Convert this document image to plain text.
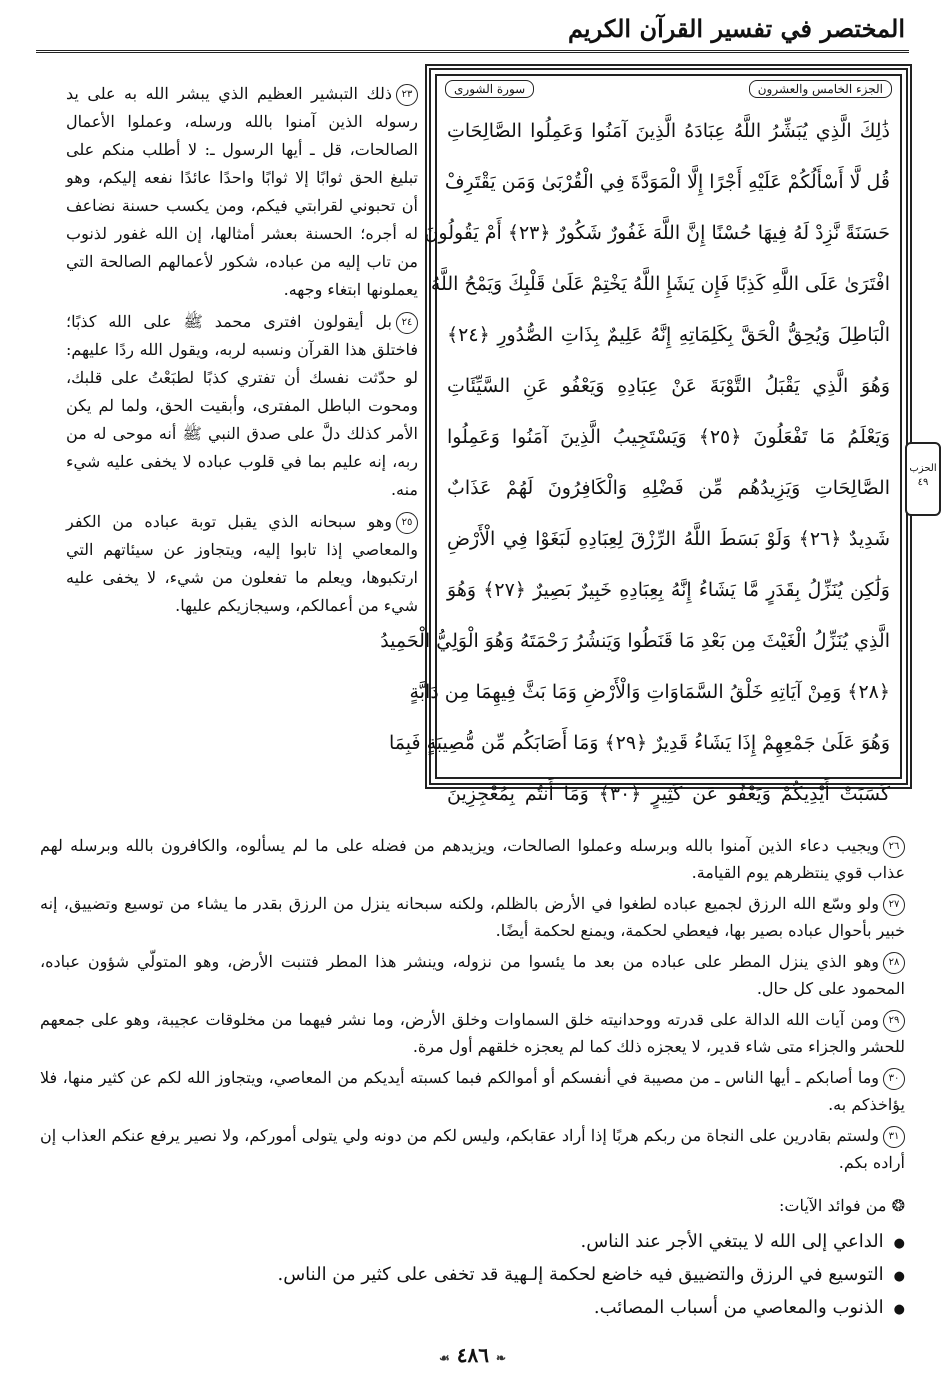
المختصر في تفسير القرآن الكريم
الجزء الخامس والعشرون
سورة الشورى
ذَٰلِكَ الَّذِي يُبَشِّرُ اللَّهُ عِبَادَهُ الَّذِينَ آمَنُوا وَعَمِلُوا الصَّالِحَاتِ
قُل لَّا أَسْأَلُكُمْ عَلَيْهِ أَجْرًا إِلَّا الْمَوَدَّةَ فِي الْقُرْبَىٰ وَمَن يَقْتَرِفْ
حَسَنَةً نَّزِدْ لَهُ فِيهَا حُسْنًا إِنَّ اللَّهَ غَفُورٌ شَكُورٌ ﴿٢٣﴾ أَمْ يَقُولُونَ
افْتَرَىٰ عَلَى اللَّهِ كَذِبًا فَإِن يَشَإِ اللَّهُ يَخْتِمْ عَلَىٰ قَلْبِكَ وَيَمْحُ اللَّهُ
الْبَاطِلَ وَيُحِقُّ الْحَقَّ بِكَلِمَاتِهِ إِنَّهُ عَلِيمٌ بِذَاتِ الصُّدُورِ ﴿٢٤﴾
وَهُوَ الَّذِي يَقْبَلُ التَّوْبَةَ عَنْ عِبَادِهِ وَيَعْفُو عَنِ السَّيِّئَاتِ
وَيَعْلَمُ مَا تَفْعَلُونَ ﴿٢٥﴾ وَيَسْتَجِيبُ الَّذِينَ آمَنُوا وَعَمِلُوا
الصَّالِحَاتِ وَيَزِيدُهُم مِّن فَضْلِهِ وَالْكَافِرُونَ لَهُمْ عَذَابٌ
شَدِيدٌ ﴿٢٦﴾ وَلَوْ بَسَطَ اللَّهُ الرِّزْقَ لِعِبَادِهِ لَبَغَوْا فِي الْأَرْضِ
وَلَٰكِن يُنَزِّلُ بِقَدَرٍ مَّا يَشَاءُ إِنَّهُ بِعِبَادِهِ خَبِيرٌ بَصِيرٌ ﴿٢٧﴾ وَهُوَ
الَّذِي يُنَزِّلُ الْغَيْثَ مِن بَعْدِ مَا قَنَطُوا وَيَنشُرُ رَحْمَتَهُ وَهُوَ الْوَلِيُّ الْحَمِيدُ
﴿٢٨﴾ وَمِنْ آيَاتِهِ خَلْقُ السَّمَاوَاتِ وَالْأَرْضِ وَمَا بَثَّ فِيهِمَا مِن دَابَّةٍ
وَهُوَ عَلَىٰ جَمْعِهِمْ إِذَا يَشَاءُ قَدِيرٌ ﴿٢٩﴾ وَمَا أَصَابَكُم مِّن مُّصِيبَةٍ فَبِمَا
كَسَبَتْ أَيْدِيكُمْ وَيَعْفُو عَن كَثِيرٍ ﴿٣٠﴾ وَمَا أَنتُم بِمُعْجِزِينَ
الحزب
٤٩

٢٣ذلك التبشير العظيم الذي يبشر الله به على يد رسوله الذين آمنوا بالله ورسله، وعملوا الأعمال الصالحات، قل ـ أيها الرسول ـ: لا أطلب منكم على تبليغ الحق ثوابًا إلا ثوابًا واحدًا عائدًا نفعه إليكم، وهو أن تحبوني لقرابتي فيكم، ومن يكسب حسنة نضاعف له أجره؛ الحسنة بعشر أمثالها، إن الله غفور لذنوب من تاب إليه من عباده، شكور لأعمالهم الصالحة التي يعملونها ابتغاء وجهه.

٢٤بل أيقولون افترى محمد ﷺ على الله كذبًا؛ فاختلق هذا القرآن ونسبه لربه، ويقول الله ردًا عليهم: لو حدّثت نفسك أن تفتري كذبًا لطبَعْتُ على قلبك، ومحوت الباطل المفترى، وأبقيت الحق، ولما لم يكن الأمر كذلك دلَّ على صدق النبي ﷺ أنه موحى له من ربه، إنه عليم بما في قلوب عباده لا يخفى عليه شيء منه.

٢٥وهو سبحانه الذي يقبل توبة عباده من الكفر والمعاصي إذا تابوا إليه، ويتجاوز عن سيئاتهم التي ارتكبوها، ويعلم ما تفعلون من شيء، لا يخفى عليه شيء من أعمالكم، وسيجازيكم عليها.

٢٦ويجيب دعاء الذين آمنوا بالله وبرسله وعملوا الصالحات، ويزيدهم من فضله على ما لم يسألوه، والكافرون بالله وبرسله لهم عذاب قوي ينتظرهم يوم القيامة.

٢٧ولو وسّع الله الرزق لجميع عباده لطغوا في الأرض بالظلم، ولكنه سبحانه ينزل من الرزق بقدر ما يشاء من توسيع وتضييق، إنه خبير بأحوال عباده بصير بها، فيعطي لحكمة، ويمنع لحكمة أيضًا.

٢٨وهو الذي ينزل المطر على عباده من بعد ما يئسوا من نزوله، وينشر هذا المطر فتنبت الأرض، وهو المتولّي شؤون عباده، المحمود على كل حال.

٢٩ومن آيات الله الدالة على قدرته ووحدانيته خلق السماوات وخلق الأرض، وما نشر فيهما من مخلوقات عجيبة، وهو على جمعهم للحشر والجزاء متى شاء قدير، لا يعجزه ذلك كما لم يعجزه خلقهم أول مرة.

٣٠وما أصابكم ـ أيها الناس ـ من مصيبة في أنفسكم أو أموالكم فبما كسبته أيديكم من المعاصي، ويتجاوز الله لكم عن كثير منها، فلا يؤاخذكم به.

٣١ولستم بقادرين على النجاة من ربكم هربًا إذا أراد عقابكم، وليس لكم من دونه ولي يتولى أموركم، ولا نصير يرفع عنكم العذاب إن أراده بكم.

❂ من فوائد الآيات:
● الداعي إلى الله لا يبتغي الأجر عند الناس.
● التوسيع في الرزق والتضييق فيه خاضع لحكمة إلـهية قد تخفى على كثير من الناس.
● الذنوب والمعاصي من أسباب المصائب.
❧ ٤٨٦ ☙
